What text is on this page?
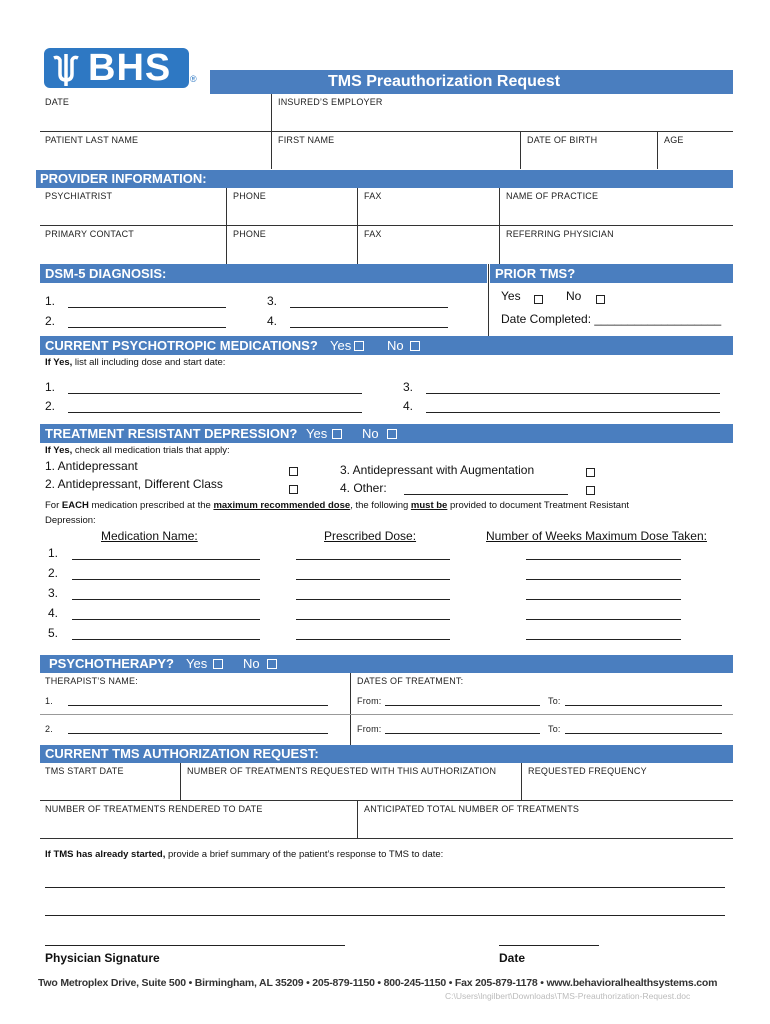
BHS ®	TMS Preauthorization Request
DATE	INSURED’S EMPLOYER
PATIENT LAST NAME	FIRST NAME	DATE OF BIRTH	AGE
PROVIDER INFORMATION:
PSYCHIATRIST	PHONE	FAX	NAME OF PRACTICE
PRIMARY CONTACT	PHONE	FAX	REFERRING PHYSICIAN
DSM-5 DIAGNOSIS:	PRIOR TMS?
1.
2.
3.
4.
Yes	No
Date Completed: ___________________
CURRENT PSYCHOTROPIC MEDICATIONS? Yes	No
If Yes, list all including dose and start date:
1.
2.
3.
4.
TREATMENT RESISTANT DEPRESSION? Yes	No
If Yes, check all medication trials that apply:
1. Antidepressant
2. Antidepressant, Different Class
3. Antidepressant with Augmentation
4. Other:
For EACH medication prescribed at the maximum recommended dose, the following must be provided to document Treatment Resistant
Depression:
Medication Name:	Prescribed Dose:	Number of Weeks Maximum Dose Taken:
1.
2.
3.
4.
5.
PSYCHOTHERAPY? Yes	No
THERAPIST’S NAME:	DATES OF TREATMENT:
1.	From:	To:
2.	From:	To:
CURRENT TMS AUTHORIZATION REQUEST:
TMS START DATE	NUMBER OF TREATMENTS REQUESTED WITH THIS AUTHORIZATION	REQUESTED FREQUENCY
NUMBER OF TREATMENTS RENDERED TO DATE	ANTICIPATED TOTAL NUMBER OF TREATMENTS
If TMS has already started, provide a brief summary of the patient’s response to TMS to date:
Physician Signature	Date
Two Metroplex Drive, Suite 500 • Birmingham, AL 35209 • 205-879-1150 • 800-245-1150 • Fax 205-879-1178 • www.behavioralhealthsystems.com
C:\Users\lngilbert\Downloads\TMS-Preauthorization-Request.doc
